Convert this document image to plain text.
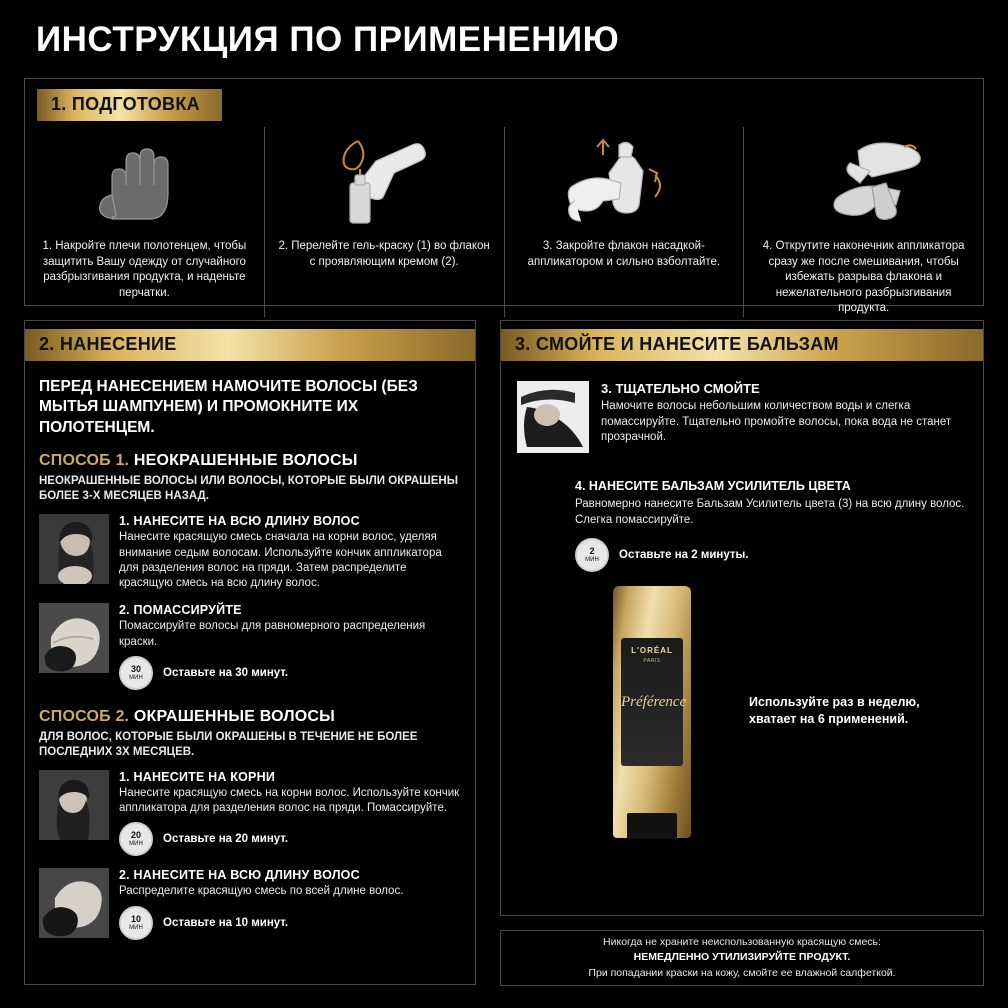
ИНСТРУКЦИЯ ПО ПРИМЕНЕНИЮ
1. ПОДГОТОВКА
1. Накройте плечи полотенцем, чтобы защитить Вашу одежду от случайного разбрызгивания продукта, и наденьте перчатки.
2. Перелейте гель-краску (1) во флакон с проявляющим кремом (2).
3. Закройте флакон насадкой-аппликатором и сильно взболтайте.
4. Открутите наконечник аппликатора сразу же после смешивания, чтобы избежать разрыва флакона и нежелательного разбрызгивания продукта.
2. НАНЕСЕНИЕ
ПЕРЕД НАНЕСЕНИЕМ НАМОЧИТЕ ВОЛОСЫ (БЕЗ МЫТЬЯ ШАМПУНЕМ) И ПРОМОКНИТЕ ИХ ПОЛОТЕНЦЕМ.
СПОСОБ 1. НЕОКРАШЕННЫЕ ВОЛОСЫ
НЕОКРАШЕННЫЕ ВОЛОСЫ ИЛИ ВОЛОСЫ, КОТОРЫЕ БЫЛИ ОКРАШЕНЫ БОЛЕЕ 3-Х МЕСЯЦЕВ НАЗАД.
1. НАНЕСИТЕ НА ВСЮ ДЛИНУ ВОЛОС
Нанесите красящую смесь сначала на корни волос, уделяя внимание седым волосам. Используйте кончик аппликатора для разделения волос на пряди. Затем распределите красящую смесь на всю длину волос.
2. ПОМАССИРУЙТЕ
Помассируйте волосы для равномерного распределения краски.
30
МИН Оставьте на 30 минут.
СПОСОБ 2. ОКРАШЕННЫЕ ВОЛОСЫ
ДЛЯ ВОЛОС, КОТОРЫЕ БЫЛИ ОКРАШЕНЫ В ТЕЧЕНИЕ НЕ БОЛЕЕ ПОСЛЕДНИХ 3Х МЕСЯЦЕВ.
1. НАНЕСИТЕ НА КОРНИ
Нанесите красящую смесь на корни волос. Используйте кончик аппликатора для разделения волос на пряди. Помассируйте.
20
МИН Оставьте на 20 минут.
2. НАНЕСИТЕ НА ВСЮ ДЛИНУ ВОЛОС
Распределите красящую смесь по всей длине волос.
10
МИН Оставьте на 10 минут.
3. СМОЙТЕ И НАНЕСИТЕ БАЛЬЗАМ
3. ТЩАТЕЛЬНО СМОЙТЕ
Намочите волосы небольшим количеством воды и слегка помассируйте. Тщательно промойте волосы, пока вода не станет прозрачной.
4. НАНЕСИТЕ БАЛЬЗАМ УСИЛИТЕЛЬ ЦВЕТА
Равномерно нанесите Бальзам Усилитель цвета (3) на всю длину волос. Слегка помассируйте.
2
МИН Оставьте на 2 минуты.
L'ORÉAL
PARIS
Préférence	Используйте раз в неделю, хватает на 6 применений.
Никогда не храните неиспользованную красящую смесь:
НЕМЕДЛЕННО УТИЛИЗИРУЙТЕ ПРОДУКТ.
При попадании краски на кожу, смойте ее влажной салфеткой.
